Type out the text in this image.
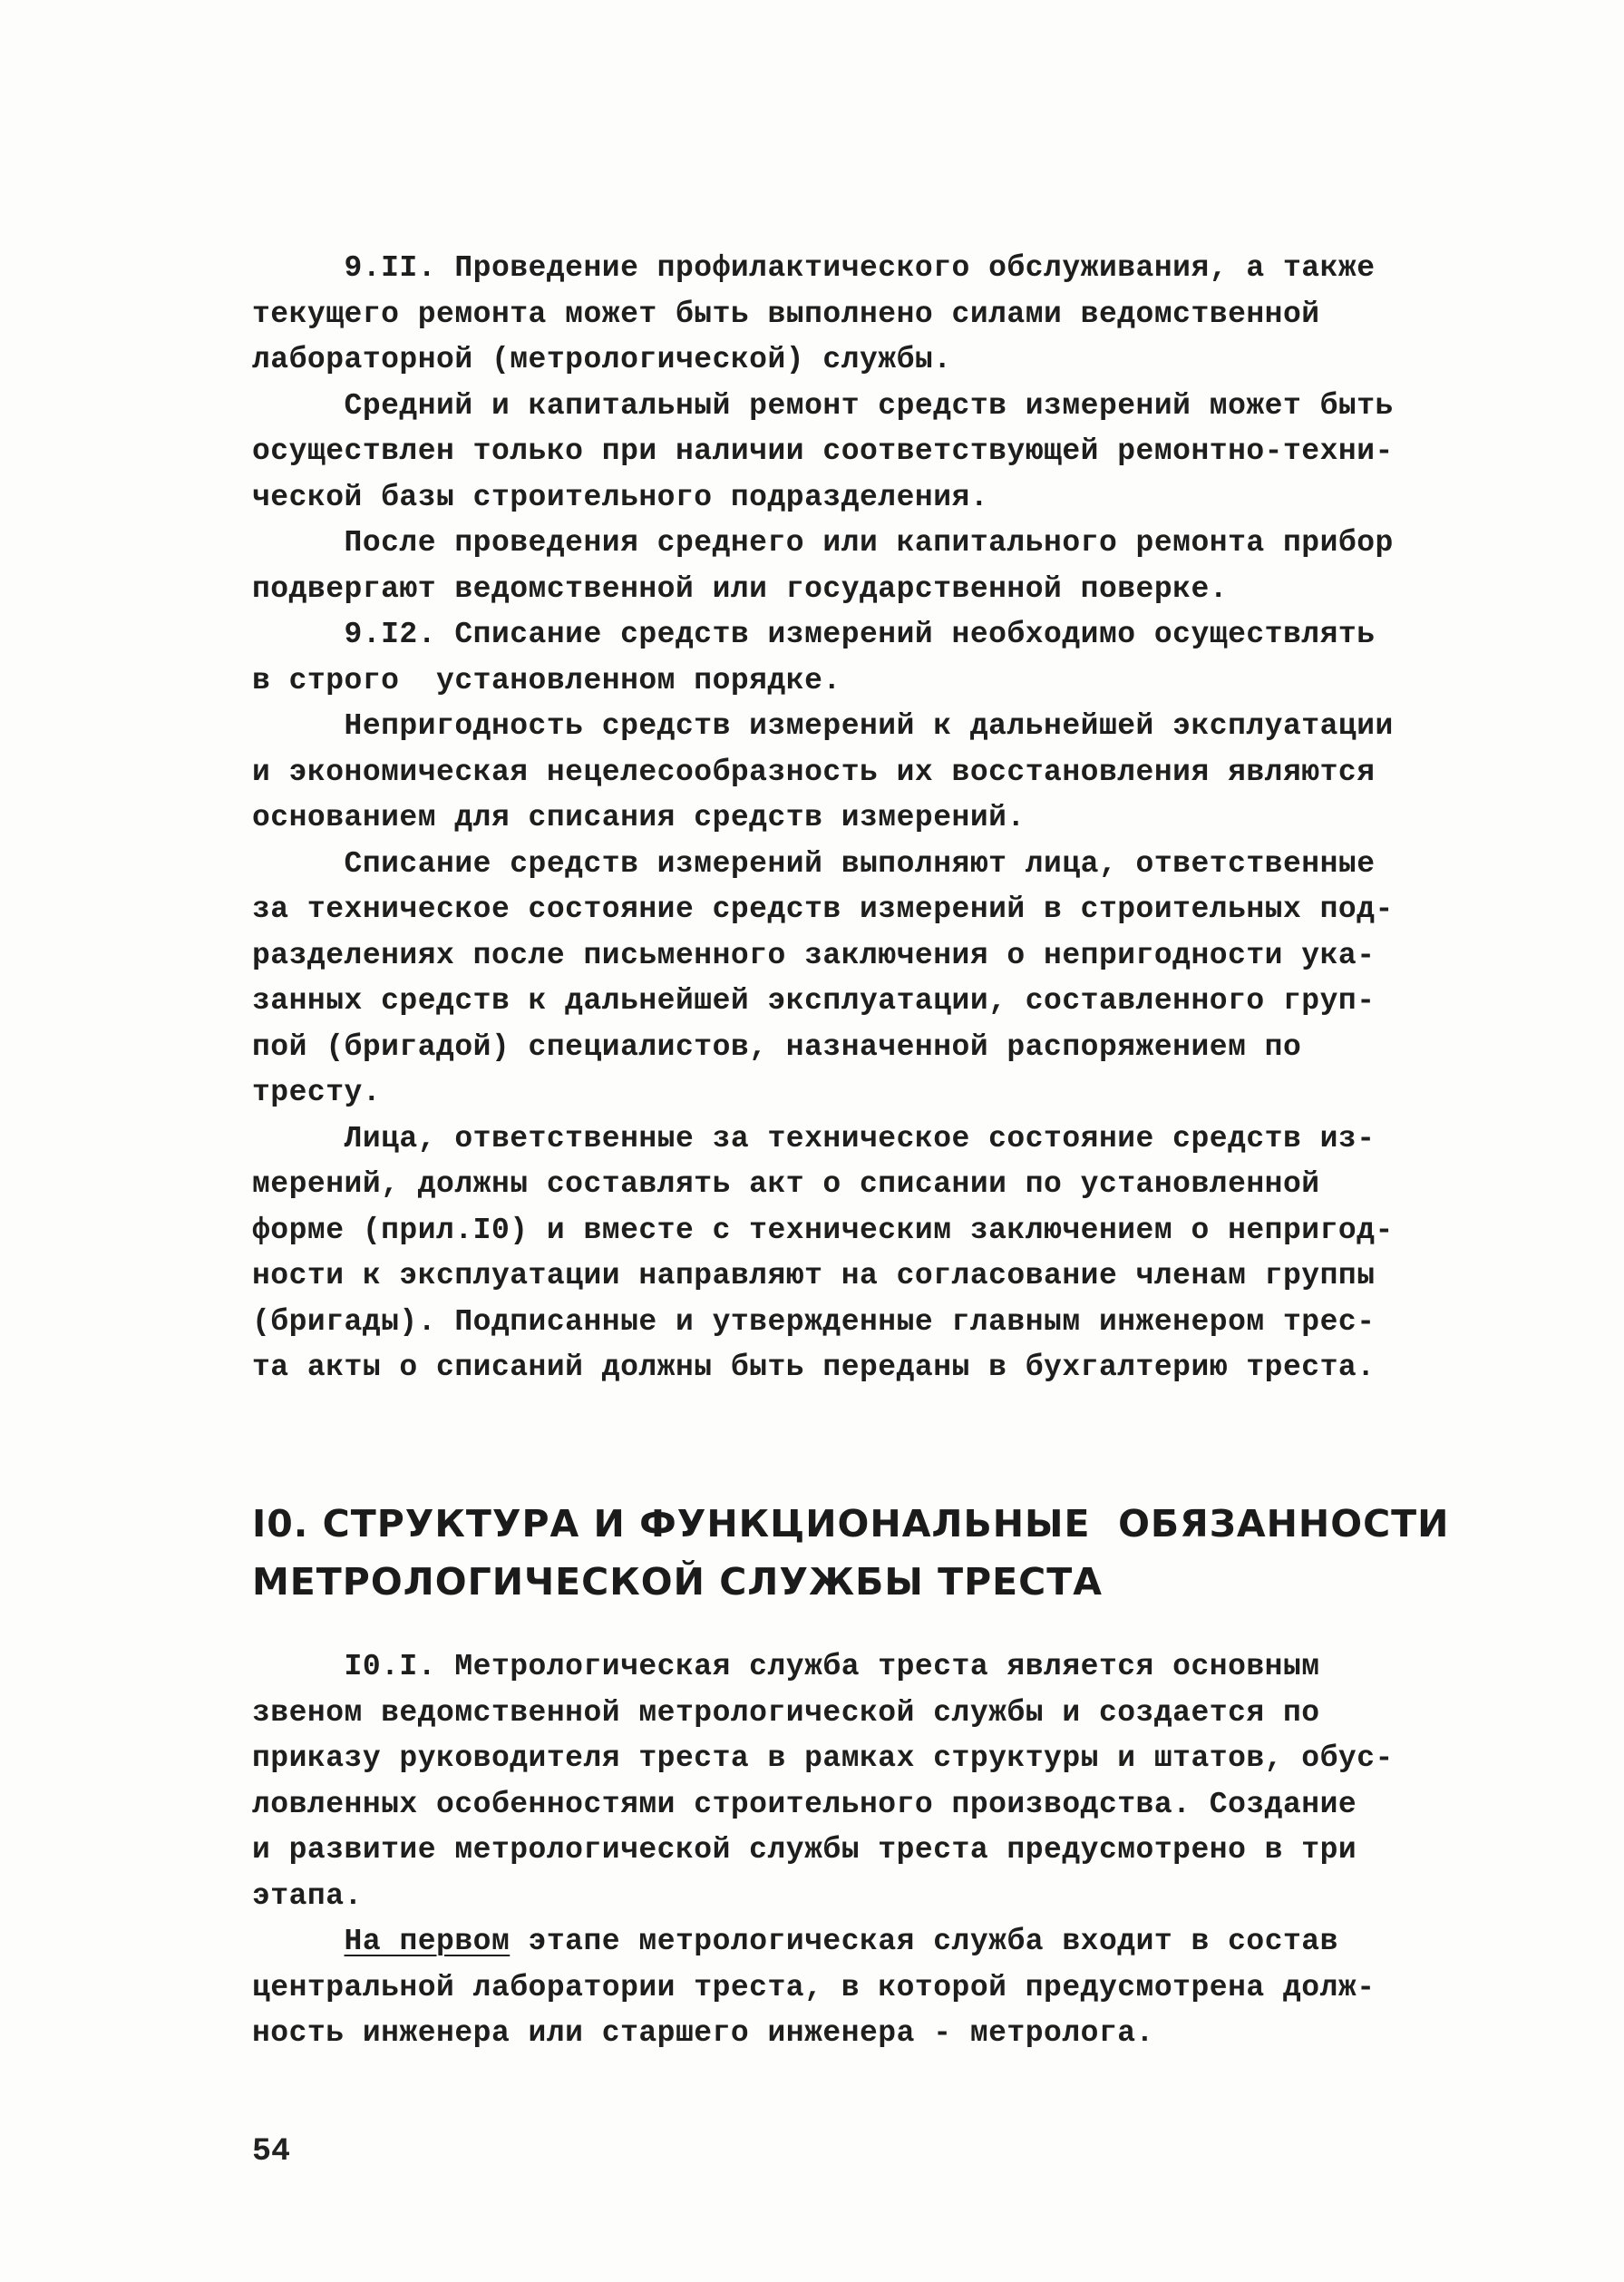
9.II. Проведение профилактического обслуживания, а также
текущего ремонта может быть выполнено силами ведомственной
лабораторной (метрологической) службы.
Средний и капитальный ремонт средств измерений может быть
осуществлен только при наличии соответствующей ремонтно-техни-
ческой базы строительного подразделения.
После проведения среднего или капитального ремонта прибор
подвергают ведомственной или государственной поверке.
9.I2. Списание средств измерений необходимо осуществлять
в строго  установленном порядке.
Непригодность средств измерений к дальнейшей эксплуатации
и экономическая нецелесообразность их восстановления являются
основанием для списания средств измерений.
Списание средств измерений выполняют лица, ответственные
за техническое состояние средств измерений в строительных под-
разделениях после письменного заключения о непригодности ука-
занных средств к дальнейшей эксплуатации, составленного груп-
пой (бригадой) специалистов, назначенной распоряжением по
тресту.
Лица, ответственные за техническое состояние средств из-
мерений, должны составлять акт о списании по установленной
форме (прил.I0) и вместе с техническим заключением о непригод-
ности к эксплуатации направляют на согласование членам группы
(бригады). Подписанные и утвержденные главным инженером трес-
та акты о списаний должны быть переданы в бухгалтерию треста.
I0. СТРУКТУРА И ФУНКЦИОНАЛЬНЫЕ  ОБЯЗАННОСТИ
МЕТРОЛОГИЧЕСКОЙ СЛУЖБЫ ТРЕСТА
I0.I. Метрологическая служба треста является основным
звеном ведомственной метрологической службы и создается по
приказу руководителя треста в рамках структуры и штатов, обус-
ловленных особенностями строительного производства. Создание
и развитие метрологической службы треста предусмотрено в три
этапа.
На первом этапе метрологическая служба входит в состав
центральной лаборатории треста, в которой предусмотрена долж-
ность инженера или старшего инженера - метролога.
54
